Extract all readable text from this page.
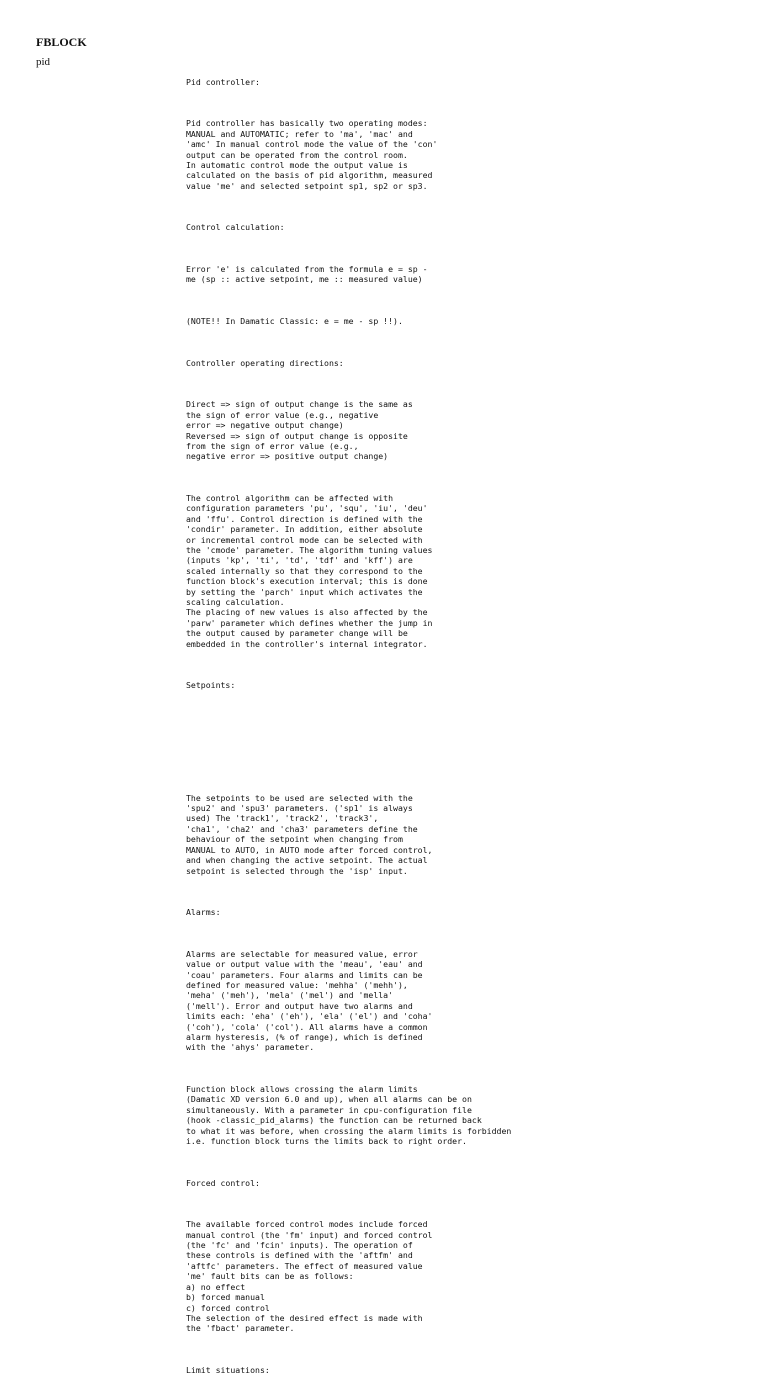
FBLOCK
pid

Pid controller:

Pid controller has basically two operating modes:
MANUAL and AUTOMATIC; refer to 'ma', 'mac' and
'amc' In manual control mode the value of the 'con'
output can be operated from the control room.
In automatic control mode the output value is
calculated on the basis of pid algorithm, measured
value 'me' and selected setpoint sp1, sp2 or sp3.

Control calculation:

Error 'e' is calculated from the formula e = sp -
me (sp :: active setpoint, me :: measured value)

(NOTE!! In Damatic Classic: e = me - sp !!).

Controller operating directions:

Direct => sign of output change is the same as
the sign of error value (e.g., negative
error => negative output change)
Reversed => sign of output change is opposite
from the sign of error value (e.g.,
negative error => positive output change)

The control algorithm can be affected with
configuration parameters 'pu', 'squ', 'iu', 'deu'
and 'ffu'. Control direction is defined with the
'condir' parameter. In addition, either absolute
or incremental control mode can be selected with
the 'cmode' parameter. The algorithm tuning values
(inputs 'kp', 'ti', 'td', 'tdf' and 'kff') are
scaled internally so that they correspond to the
function block's execution interval; this is done
by setting the 'parch' input which activates the
scaling calculation.
The placing of new values is also affected by the
'parw' parameter which defines whether the jump in
the output caused by parameter change will be
embedded in the controller's internal integrator.

Setpoints:

The setpoints to be used are selected with the
'spu2' and 'spu3' parameters. ('sp1' is always
used) The 'track1', 'track2', 'track3',
'cha1', 'cha2' and 'cha3' parameters define the
behaviour of the setpoint when changing from
MANUAL to AUTO, in AUTO mode after forced control,
and when changing the active setpoint. The actual
setpoint is selected through the 'isp' input.

Alarms:

Alarms are selectable for measured value, error
value or output value with the 'meau', 'eau' and
'coau' parameters. Four alarms and limits can be
defined for measured value: 'mehha' ('mehh'),
'meha' ('meh'), 'mela' ('mel') and 'mella'
('mell'). Error and output have two alarms and
limits each: 'eha' ('eh'), 'ela' ('el') and 'coha'
('coh'), 'cola' ('col'). All alarms have a common
alarm hysteresis, (% of range), which is defined
with the 'ahys' parameter.

Function block allows crossing the alarm limits
(Damatic XD version 6.0 and up), when all alarms can be on
simultaneously. With a parameter in cpu-configuration file
(hook -classic_pid_alarms) the function can be returned back
to what it was before, when crossing the alarm limits is forbidden
i.e. function block turns the limits back to right order.

Forced control:

The available forced control modes include forced
manual control (the 'fm' input) and forced control
(the 'fc' and 'fcin' inputs). The operation of
these controls is defined with the 'aftfm' and
'aftfc' parameters. The effect of measured value
'me' fault bits can be as follows:
a) no effect
b) forced manual
c) forced control
The selection of the desired effect is made with
the 'fbact' parameter.

Limit situations:
